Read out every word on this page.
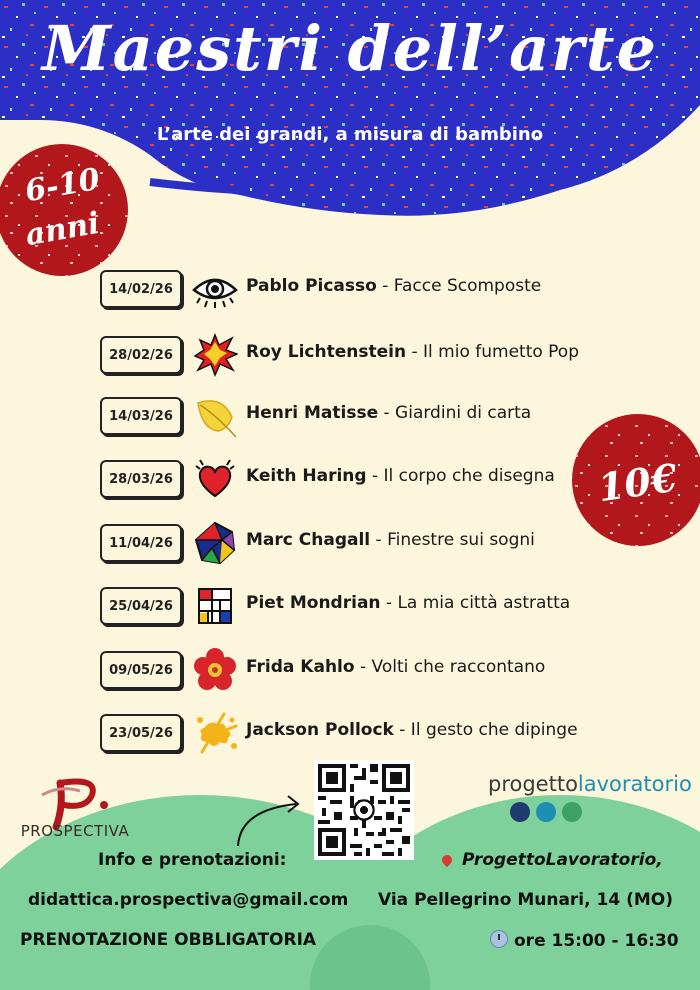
Maestri dell’arte
L’arte dei grandi, a misura di bambino
6-10
anni
10€
14/02/26	Pablo Picasso - Facce Scomposte
28/02/26	Roy Lichtenstein - Il mio fumetto Pop
14/03/26	Henri Matisse - Giardini di carta
28/03/26	Keith Haring - Il corpo che disegna
11/04/26	Marc Chagall - Finestre sui sogni
25/04/26	Piet Mondrian - La mia città astratta
09/05/26	Frida Kahlo - Volti che raccontano
23/05/26	Jackson Pollock - Il gesto che dipinge
PROSPECTIVA
progettolavoratorio
Info e prenotazioni:	ProgettoLavoratorio,
didattica.prospectiva@gmail.com Via Pellegrino Munari, 14 (MO)
PRENOTAZIONE OBBLIGATORIA	ore 15:00 - 16:30
